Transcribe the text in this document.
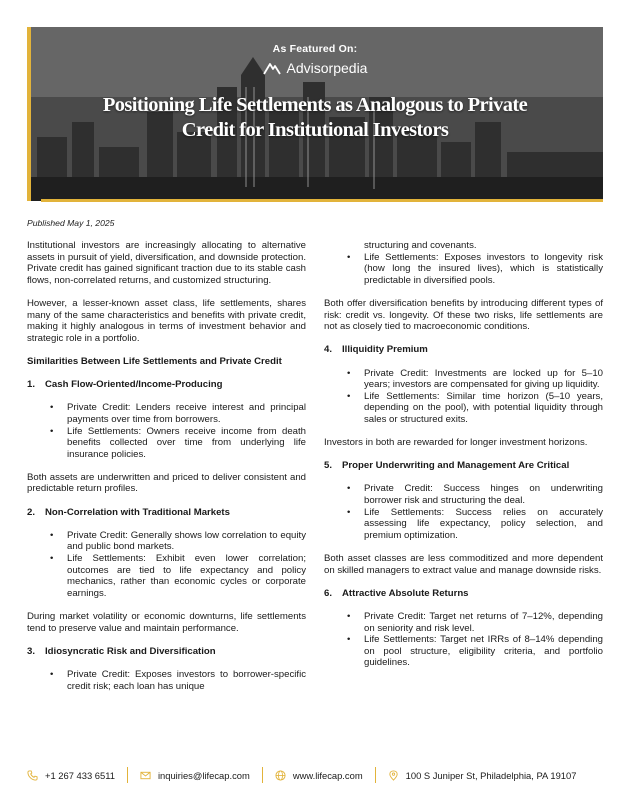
As Featured On:
Advisorpedia
Positioning Life Settlements as Analogous to Private
Credit for Institutional Investors
Published May 1, 2025

Institutional investors are increasingly allocating to alternative assets in pursuit of yield, diversification, and downside protection. Private credit has gained significant traction due to its stable cash flows, non-correlated returns, and customized structuring.

However, a lesser-known asset class, life settlements, shares many of the same characteristics and benefits with private credit, making it highly analogous in terms of investment behavior and strategic role in a portfolio.

Similarities Between Life Settlements and Private Credit
1.	Cash Flow-Oriented/Income-Producing
• Private Credit: Lenders receive interest and principal payments over time from borrowers.
• Life Settlements: Owners receive income from death benefits collected over time from underlying life insurance policies.

Both assets are underwritten and priced to deliver consistent and predictable return profiles.

2.	Non-Correlation with Traditional Markets
• Private Credit: Generally shows low correlation to equity and public bond markets.
• Life Settlements: Exhibit even lower correlation; outcomes are tied to life expectancy and policy mechanics, rather than economic cycles or corporate earnings.

During market volatility or economic downturns, life settlements tend to preserve value and maintain performance.

3.	Idiosyncratic Risk and Diversification
• Private Credit: Exposes investors to borrower-specific credit risk; each loan has unique

structuring and covenants.

• Life Settlements: Exposes investors to longevity risk (how long the insured lives), which is statistically predictable in diversified pools.

Both offer diversification benefits by introducing different types of risk: credit vs. longevity. Of these two risks, life settlements are not as closely tied to macroeconomic conditions.

4.	Illiquidity Premium
• Private Credit: Investments are locked up for 5–10 years; investors are compensated for giving up liquidity.
• Life Settlements: Similar time horizon (5–10 years, depending on the pool), with potential liquidity through sales or structured exits.

Investors in both are rewarded for longer investment horizons.

5.	Proper Underwriting and Management Are Critical
• Private Credit: Success hinges on underwriting borrower risk and structuring the deal.
• Life Settlements: Success relies on accurately assessing life expectancy, policy selection, and premium optimization.

Both asset classes are less commoditized and more dependent on skilled managers to extract value and manage downside risks.

6.	Attractive Absolute Returns
• Private Credit: Target net returns of 7–12%, depending on seniority and risk level.
• Life Settlements: Target net IRRs of 8–14% depending on pool structure, eligibility criteria, and portfolio guidelines.
+1 267 433 6511	inquiries@lifecap.com	www.lifecap.com	100 S Juniper St, Philadelphia, PA 19107
